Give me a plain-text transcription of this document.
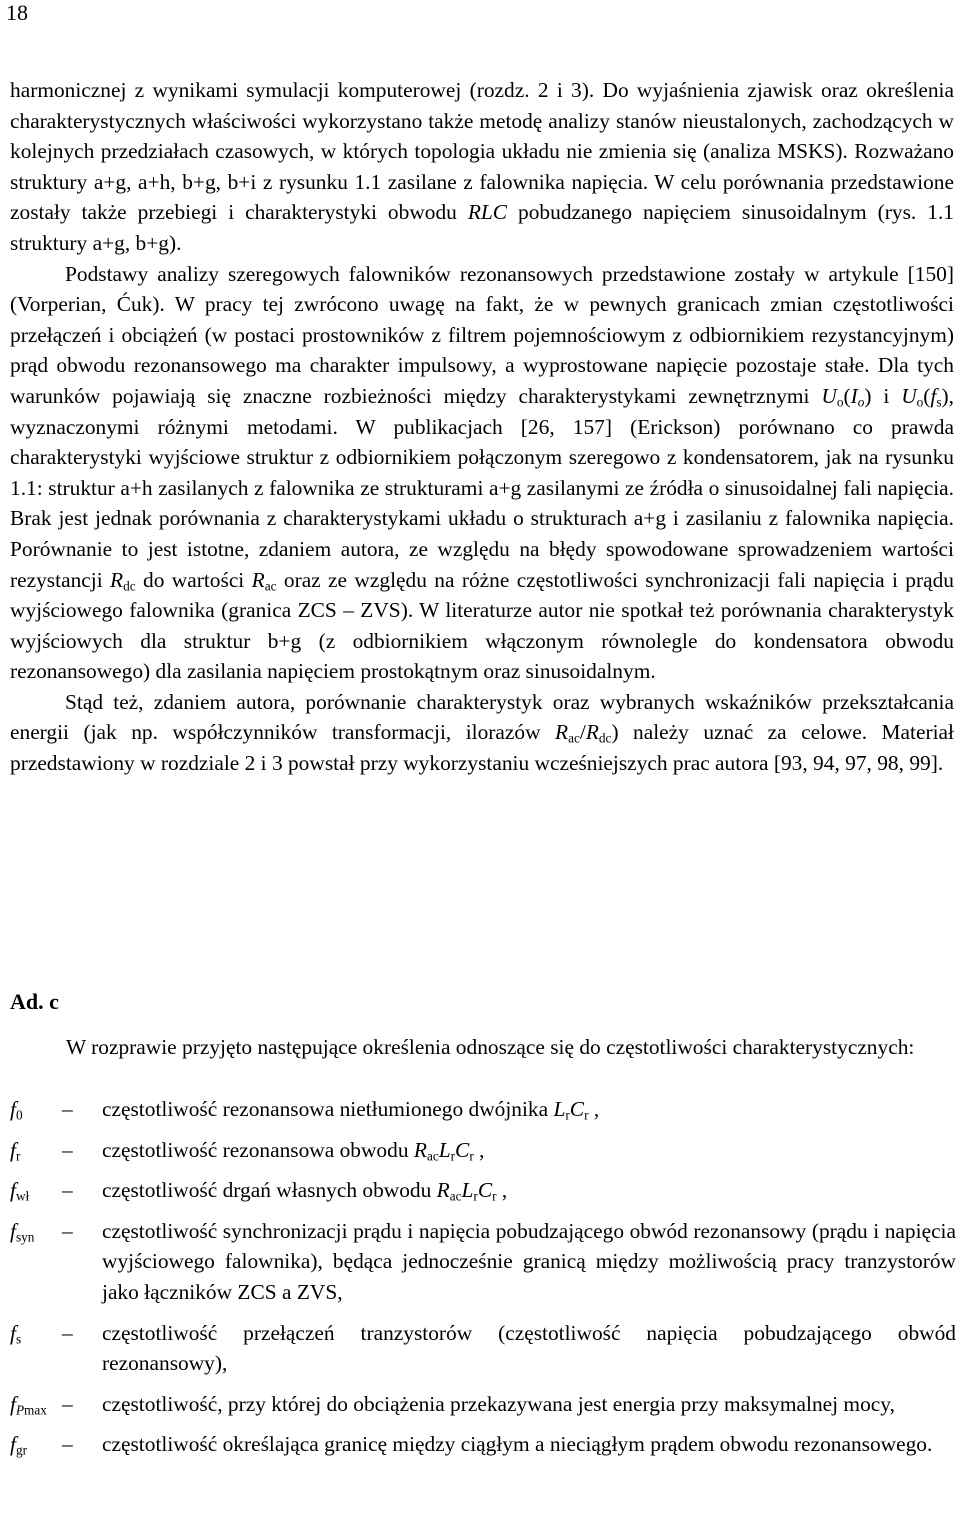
18

harmonicznej z wynikami symulacji komputerowej (rozdz. 2 i 3). Do wyjaśnienia zjawisk oraz określenia charakterystycznych właściwości wykorzystano także metodę analizy stanów nieustalonych, zachodzących w kolejnych przedziałach czasowych, w których topologia układu nie zmienia się (analiza MSKS). Rozważano struktury a+g, a+h, b+g, b+i z rysunku 1.1 zasilane z falownika napięcia. W celu porównania przedstawione zostały także przebiegi i charakterystyki obwodu RLC pobudzanego napięciem sinusoidalnym (rys. 1.1 struktury a+g, b+g).

Podstawy analizy szeregowych falowników rezonansowych przedstawione zostały w artykule [150] (Vorperian, Ćuk). W pracy tej zwrócono uwagę na fakt, że w pewnych granicach zmian częstotliwości przełączeń i obciążeń (w postaci prostowników z filtrem pojemnościowym z odbiornikiem rezystancyjnym) prąd obwodu rezonansowego ma charakter impulsowy, a wyprostowane napięcie pozostaje stałe. Dla tych warunków pojawiają się znaczne rozbieżności między charakterystykami zewnętrznymi $U_o(I_o)$ i $U_o(f_s)$, wyznaczonymi różnymi metodami. W publikacjach [26, 157] (Erickson) porównano co prawda charakterystyki wyjściowe struktur z odbiornikiem połączonym szeregowo z kondensatorem, jak na rysunku 1.1: struktur a+h zasilanych z falownika ze strukturami a+g zasilanymi ze źródła o sinusoidalnej fali napięcia. Brak jest jednak porównania z charakterystykami układu o strukturach a+g i zasilaniu z falownika napięcia. Porównanie to jest istotne, zdaniem autora, ze względu na błędy spowodowane sprowadzeniem wartości rezystancji $R_{dc}$ do wartości $R_{ac}$ oraz ze względu na różne częstotliwości synchronizacji fali napięcia i prądu wyjściowego falownika (granica ZCS – ZVS). W literaturze autor nie spotkał też porównania charakterystyk wyjściowych dla struktur b+g (z odbiornikiem włączonym równolegle do kondensatora obwodu rezonansowego) dla zasilania napięciem prostokątnym oraz sinusoidalnym.

Stąd też, zdaniem autora, porównanie charakterystyk oraz wybranych wskaźników przekształcania energii (jak np. współczynników transformacji, ilorazów $R_{ac}/R_{dc}$) należy uznać za celowe. Materiał przedstawiony w rozdziale 2 i 3 powstał przy wykorzystaniu wcześniejszych prac autora [93, 94, 97, 98, 99].

Ad. c
W rozprawie przyjęto następujące określenia odnoszące się do częstotliwości charakterystycznych:
$f_0$	–	częstotliwość rezonansowa nietłumionego dwójnika $L_rC_r$ ,
$f_r$	–	częstotliwość rezonansowa obwodu $R_{ac}L_rC_r$ ,
$f_{wł}$	–	częstotliwość drgań własnych obwodu $R_{ac}L_rC_r$ ,
$f_{syn}$	–	częstotliwość synchronizacji prądu i napięcia pobudzającego obwód rezonansowy (prądu i napięcia wyjściowego falownika), będąca jednocześnie granicą między możliwością pracy tranzystorów jako łączników ZCS a ZVS,
$f_s$	–	częstotliwość przełączeń tranzystorów (częstotliwość napięcia pobudzającego obwód rezonansowy),
$f_{Pmax}$ –	częstotliwość, przy której do obciążenia przekazywana jest energia przy maksymalnej mocy,
$f_{gr}$	–	częstotliwość określająca granicę między ciągłym a nieciągłym prądem obwodu rezonansowego.
